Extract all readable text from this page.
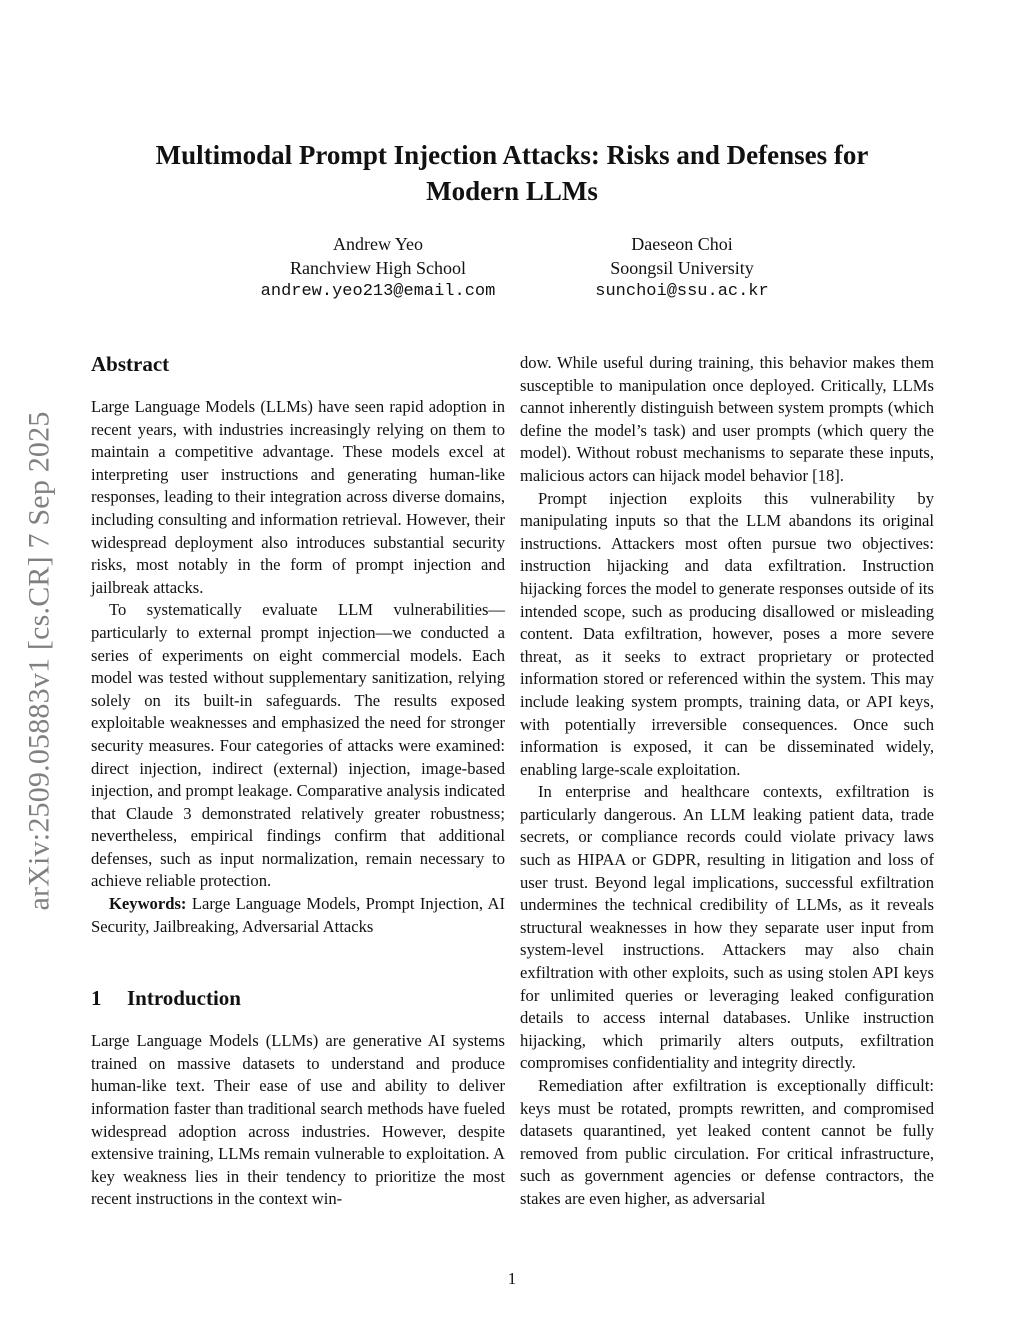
Multimodal Prompt Injection Attacks: Risks and Defenses for
Modern LLMs
Andrew Yeo
Ranchview High School
andrew.yeo213@email.com
Daeseon Choi
Soongsil University
sunchoi@ssu.ac.kr
arXiv:2509.05883v1 [cs.CR] 7 Sep 2025
Abstract

Large Language Models (LLMs) have seen rapid adoption in recent years, with industries increasingly relying on them to maintain a competitive advantage. These models excel at interpreting user instructions and generating human-like responses, leading to their integration across diverse domains, including consulting and information retrieval. However, their widespread deployment also introduces substantial security risks, most notably in the form of prompt injection and jailbreak attacks.

To systematically evaluate LLM vulnerabilities—particularly to external prompt injection—we conducted a series of experiments on eight commercial models. Each model was tested without supplementary sanitization, relying solely on its built-in safeguards. The results exposed exploitable weaknesses and emphasized the need for stronger security measures. Four categories of attacks were examined: direct injection, indirect (external) injection, image-based injection, and prompt leakage. Comparative analysis indicated that Claude 3 demonstrated relatively greater robustness; nevertheless, empirical findings confirm that additional defenses, such as input normalization, remain necessary to achieve reliable protection.

Keywords: Large Language Models, Prompt Injection, AI Security, Jailbreaking, Adversarial Attacks

1 Introduction

Large Language Models (LLMs) are generative AI systems trained on massive datasets to understand and produce human-like text. Their ease of use and ability to deliver information faster than traditional search methods have fueled widespread adoption across industries. However, despite extensive training, LLMs remain vulnerable to exploitation. A key weakness lies in their tendency to prioritize the most recent instructions in the context win-

dow. While useful during training, this behavior makes them susceptible to manipulation once deployed. Critically, LLMs cannot inherently distinguish between system prompts (which define the model’s task) and user prompts (which query the model). Without robust mechanisms to separate these inputs, malicious actors can hijack model behavior [18].

Prompt injection exploits this vulnerability by manipulating inputs so that the LLM abandons its original instructions. Attackers most often pursue two objectives: instruction hijacking and data exfiltration. Instruction hijacking forces the model to generate responses outside of its intended scope, such as producing disallowed or misleading content. Data exfiltration, however, poses a more severe threat, as it seeks to extract proprietary or protected information stored or referenced within the system. This may include leaking system prompts, training data, or API keys, with potentially irreversible consequences. Once such information is exposed, it can be disseminated widely, enabling large-scale exploitation.

In enterprise and healthcare contexts, exfiltration is particularly dangerous. An LLM leaking patient data, trade secrets, or compliance records could violate privacy laws such as HIPAA or GDPR, resulting in litigation and loss of user trust. Beyond legal implications, successful exfiltration undermines the technical credibility of LLMs, as it reveals structural weaknesses in how they separate user input from system-level instructions. Attackers may also chain exfiltration with other exploits, such as using stolen API keys for unlimited queries or leveraging leaked configuration details to access internal databases. Unlike instruction hijacking, which primarily alters outputs, exfiltration compromises confidentiality and integrity directly.

Remediation after exfiltration is exceptionally difficult: keys must be rotated, prompts rewritten, and compromised datasets quarantined, yet leaked content cannot be fully removed from public circulation. For critical infrastructure, such as government agencies or defense contractors, the stakes are even higher, as adversarial

1
